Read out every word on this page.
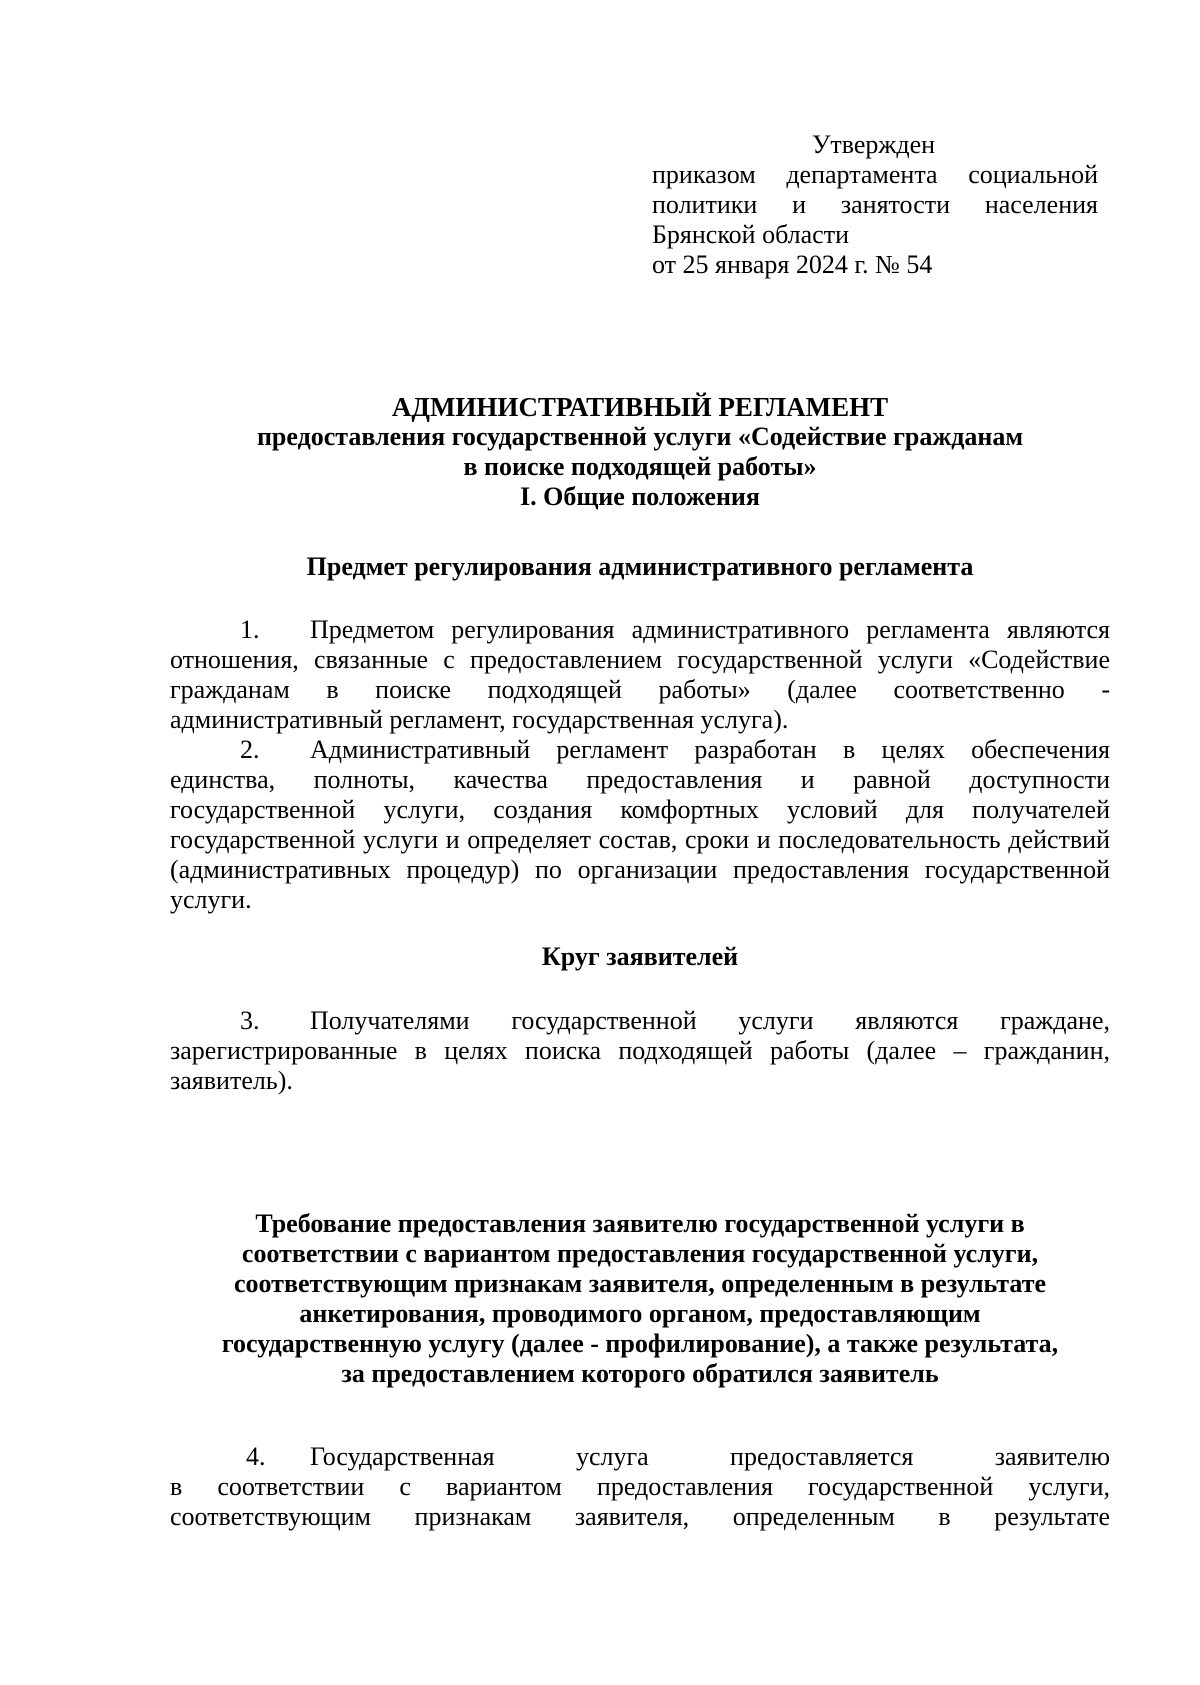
Утвержден
приказом департамента социальной
политики и занятости населения
Брянской области
от 25 января 2024 г. № 54
АДМИНИСТРАТИВНЫЙ РЕГЛАМЕНТ
предоставления государственной услуги «Содействие гражданам
в поиске подходящей работы»
I. Общие положения
Предмет регулирования административного регламента
1. Предметом регулирования административного регламента являются отношения, связанные с предоставлением государственной услуги «Содействие гражданам в поиске подходящей работы» (далее соответственно - административный регламент, государственная услуга).
2. Административный регламент разработан в целях обеспечения единства, полноты, качества предоставления и равной доступности государственной услуги, создания комфортных условий для получателей государственной услуги и определяет состав, сроки и последовательность действий (административных процедур) по организации предоставления государственной услуги.
Круг заявителей
3. Получателями государственной услуги являются граждане, зарегистрированные в целях поиска подходящей работы (далее – гражданин, заявитель).
Требование предоставления заявителю государственной услуги в
соответствии с вариантом предоставления государственной услуги,
соответствующим признакам заявителя, определенным в результате
анкетирования, проводимого органом, предоставляющим
государственную услугу (далее - профилирование), а также результата,
за предоставлением которого обратился заявитель
4.	Государственная услуга предоставляется заявителю
в соответствии с вариантом предоставления государственной услуги,
соответствующим признакам заявителя, определенным в результате
